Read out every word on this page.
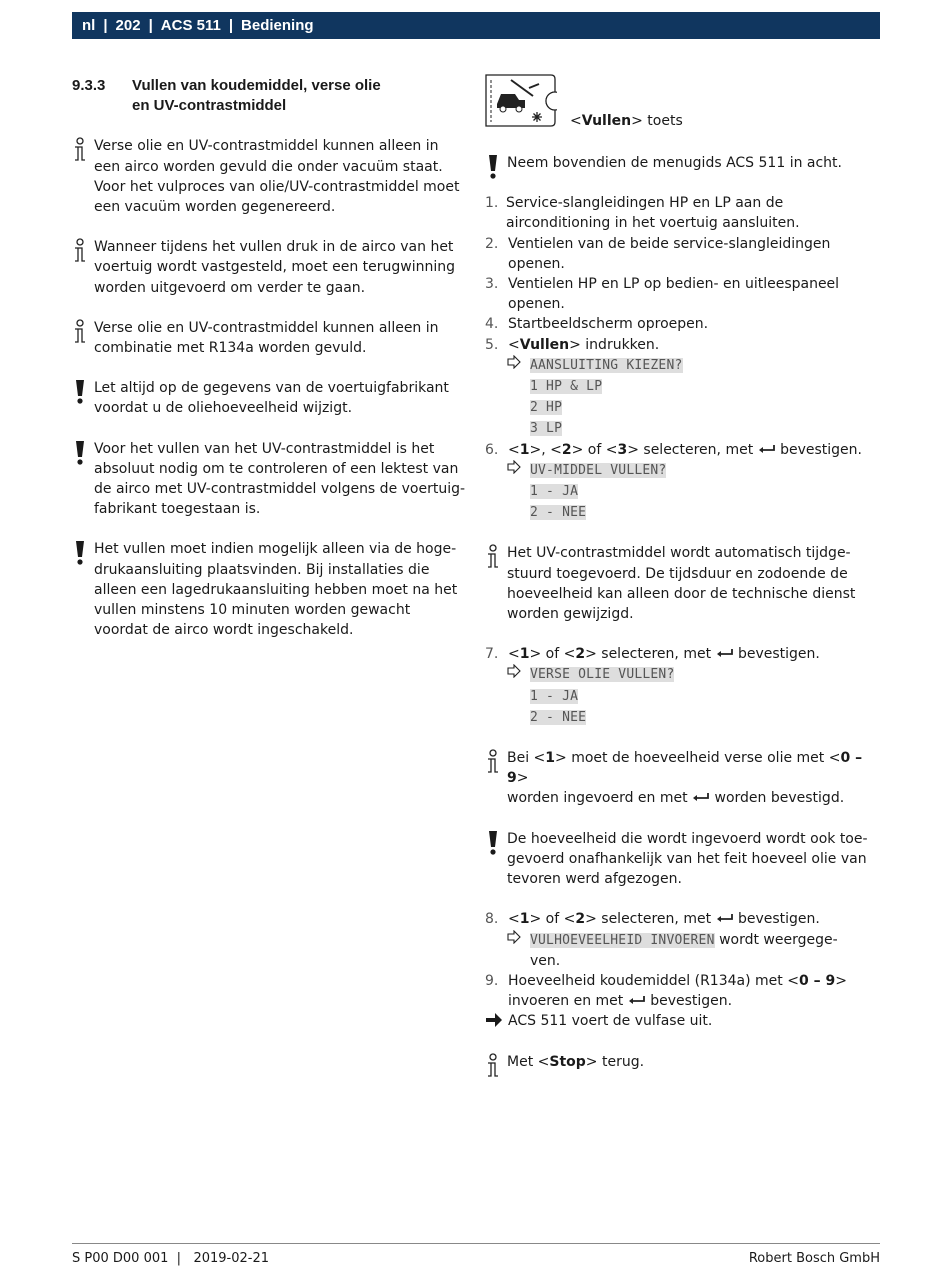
nl | 202 | ACS 511 | Bediening
9.3.3	Vullen van koudemiddel, verse olie
en UV-contrastmiddel
Verse olie en UV-contrastmiddel kunnen alleen in een airco worden gevuld die onder vacuüm staat. Voor het vulproces van olie/UV-contrastmiddel moet een vacuüm worden gegenereerd.
Wanneer tijdens het vullen druk in de airco van het voertuig wordt vastgesteld, moet een terugwinning worden uitgevoerd om verder te gaan.
Verse olie en UV-contrastmiddel kunnen alleen in combinatie met R134a worden gevuld.
Let altijd op de gegevens van de voertuigfabrikant voordat u de oliehoeveelheid wijzigt.
Voor het vullen van het UV-contrastmiddel is het absoluut nodig om te controleren of een lektest van de airco met UV-contrastmiddel volgens de voertuig-fabrikant toegestaan is.
Het vullen moet indien mogelijk alleen via de hoge-drukaansluiting plaatsvinden. Bij installaties die alleen een lagedrukaansluiting hebben moet na het vullen minstens 10 minuten worden gewacht voordat de airco wordt ingeschakeld.
<Vullen> toets
Neem bovendien de menugids ACS 511 in acht.
1. Service-slangleidingen HP en LP aan de airconditioning in het voertuig aansluiten.
2. Ventielen van de beide service-slangleidingen openen.
3. Ventielen HP en LP op bedien- en uitleespaneel openen.
4. Startbeeldscherm oproepen.
5. <Vullen> indrukken.
AANSLUITING KIEZEN?
1 HP & LP
2 HP
3 LP
6. <1>, <2> of <3> selecteren, met bevestigen.
UV-MIDDEL VULLEN?
1 - JA
2 - NEE
Het UV-contrastmiddel wordt automatisch tijdge-stuurd toegevoerd. De tijdsduur en zodoende de hoeveelheid kan alleen door de technische dienst worden gewijzigd.
7. <1> of <2> selecteren, met bevestigen.
VERSE OLIE VULLEN?
1 - JA
2 - NEE
Bei <1> moet de hoeveelheid verse olie met <0 – 9>
worden ingevoerd en met worden bevestigd.
De hoeveelheid die wordt ingevoerd wordt ook toe-gevoerd onafhankelijk van het feit hoeveel olie van tevoren werd afgezogen.
8. <1> of <2> selecteren, met bevestigen.
VULHOEVEELHEID INVOEREN wordt weergege-
ven.
9. Hoeveelheid koudemiddel (R134a) met <0 – 9>
invoeren en met bevestigen.
ACS 511 voert de vulfase uit.
Met <Stop> terug.
S P00 D00 001  |   2019-02-21	Robert Bosch GmbH
